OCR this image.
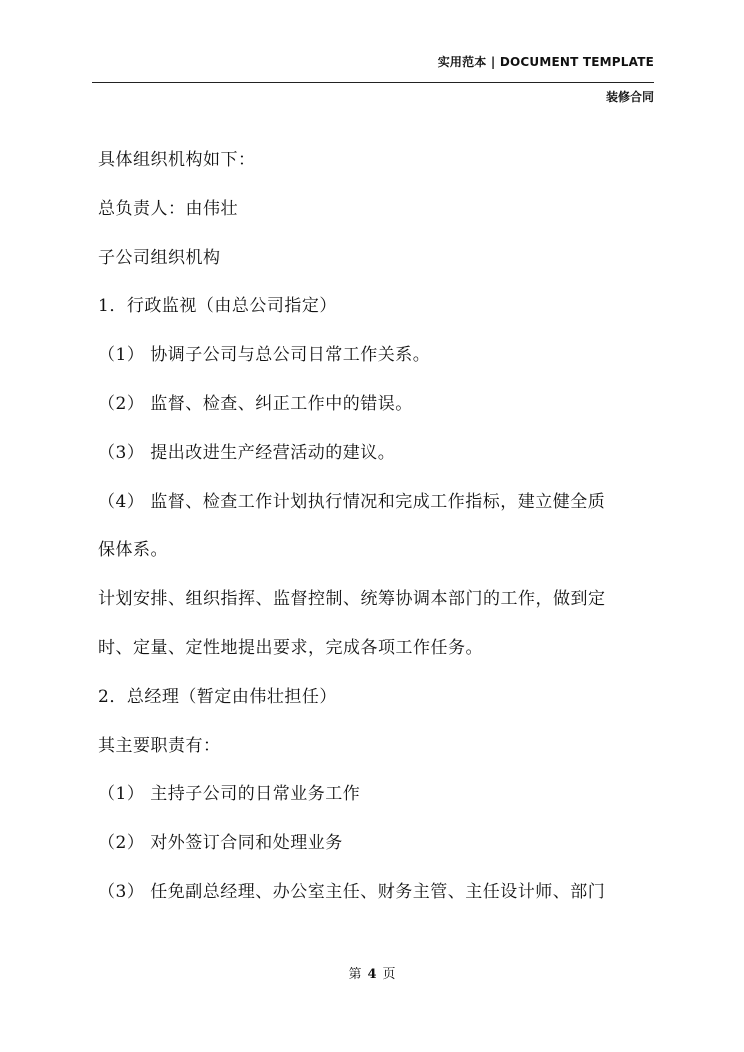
实用范本 | DOCUMENT TEMPLATE
装修合同
具体组织机构如下：
总负责人：由伟壮
子公司组织机构
1．行政监视（由总公司指定）
（1） 协调子公司与总公司日常工作关系。
（2） 监督、检查、纠正工作中的错误。
（3） 提出改进生产经营活动的建议。
（4） 监督、检查工作计划执行情况和完成工作指标，建立健全质
保体系。
计划安排、组织指挥、监督控制、统筹协调本部门的工作，做到定
时、定量、定性地提出要求，完成各项工作任务。
2．总经理（暂定由伟壮担任）
其主要职责有：
（1） 主持子公司的日常业务工作
（2） 对外签订合同和处理业务
（3） 任免副总经理、办公室主任、财务主管、主任设计师、部门
第 4 页
